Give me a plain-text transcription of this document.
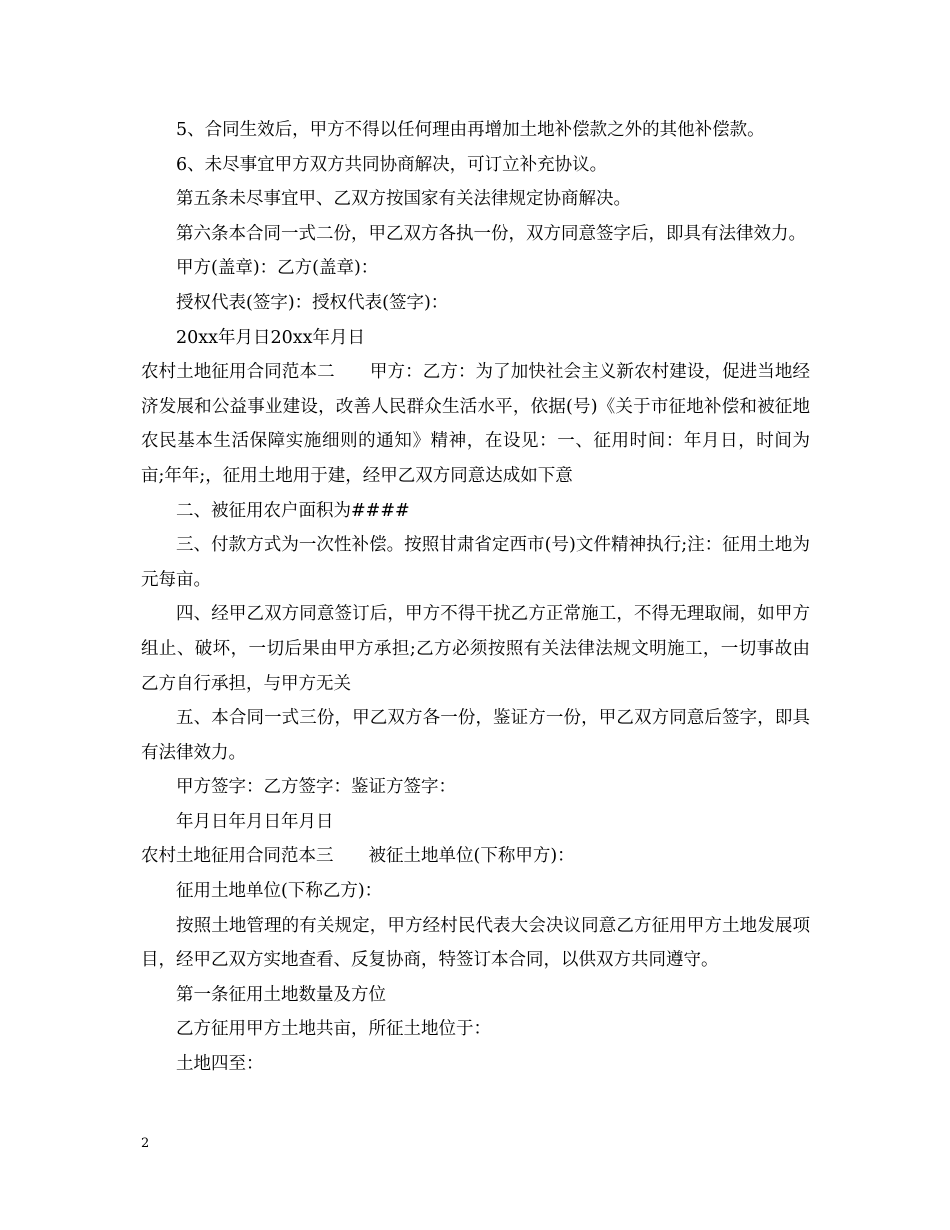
5、合同生效后，甲方不得以任何理由再增加土地补偿款之外的其他补偿款。

6、未尽事宜甲方双方共同协商解决，可订立补充协议。

第五条未尽事宜甲、乙双方按国家有关法律规定协商解决。

第六条本合同一式二份，甲乙双方各执一份，双方同意签字后，即具有法律效力。

甲方(盖章)：乙方(盖章)：

授权代表(签字)：授权代表(签字)：

20xx年月日20xx年月日

农村土地征用合同范本二　　甲方：乙方：为了加快社会主义新农村建设，促进当地经济发展和公益事业建设，改善人民群众生活水平，依据(号)《关于市征地补偿和被征地农民基本生活保障实施细则的通知》精神，在设见：一、征用时间：年月日，时间为亩;年年;，征用土地用于建，经甲乙双方同意达成如下意

二、被征用农户面积为####

三、付款方式为一次性补偿。按照甘肃省定西市(号)文件精神执行;注：征用土地为元每亩。

四、经甲乙双方同意签订后，甲方不得干扰乙方正常施工，不得无理取闹，如甲方组止、破坏，一切后果由甲方承担;乙方必须按照有关法律法规文明施工，一切事故由乙方自行承担，与甲方无关

五、本合同一式三份，甲乙双方各一份，鉴证方一份，甲乙双方同意后签字，即具有法律效力。

甲方签字：乙方签字：鉴证方签字：

年月日年月日年月日

农村土地征用合同范本三　　被征土地单位(下称甲方)：

征用土地单位(下称乙方)：

按照土地管理的有关规定，甲方经村民代表大会决议同意乙方征用甲方土地发展项目，经甲乙双方实地查看、反复协商，特签订本合同，以供双方共同遵守。

第一条征用土地数量及方位

乙方征用甲方土地共亩，所征土地位于：

土地四至：

2
